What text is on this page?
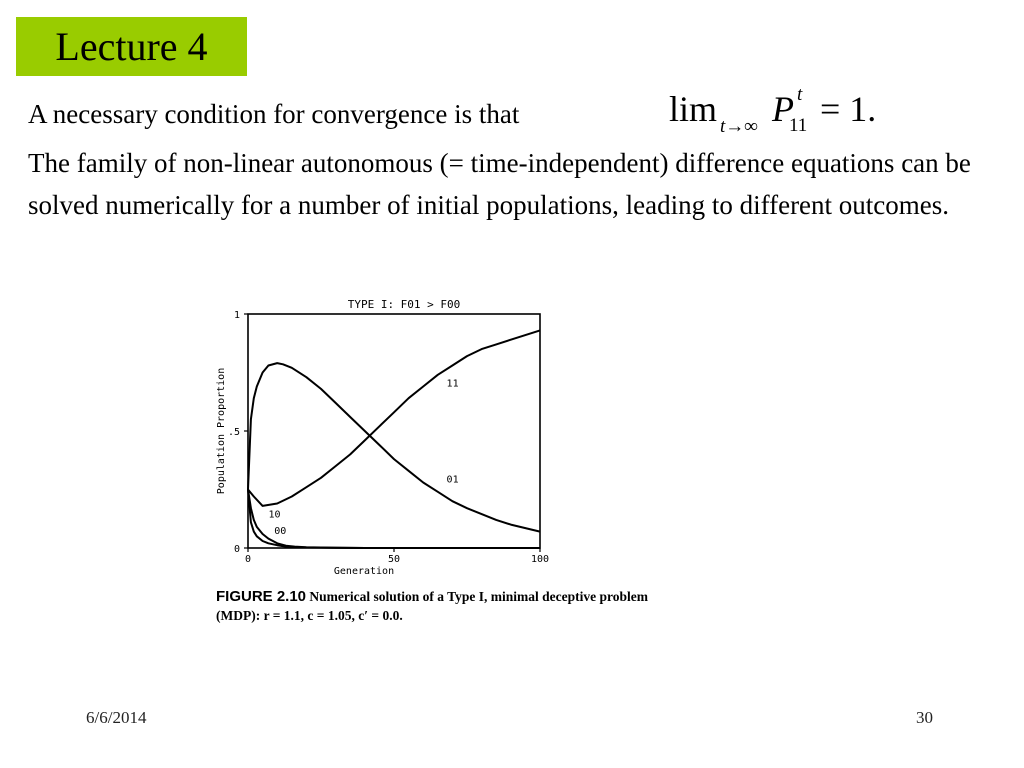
Lecture 4
A necessary condition for convergence is that	lim t→∞ P t
11 = 1.
The family of non-linear autonomous (= time-independent) difference equations can be solved numerically for a number of initial populations, leading to different outcomes.
TYPE I: F01 > F00
0	50	100
0
.5
1
Generation
Population Proportion	11
01
10
00
FIGURE 2.10 Numerical solution of a Type I, minimal deceptive problem
(MDP): r = 1.1, c = 1.05, c′ = 0.0.
6/6/2014	30
